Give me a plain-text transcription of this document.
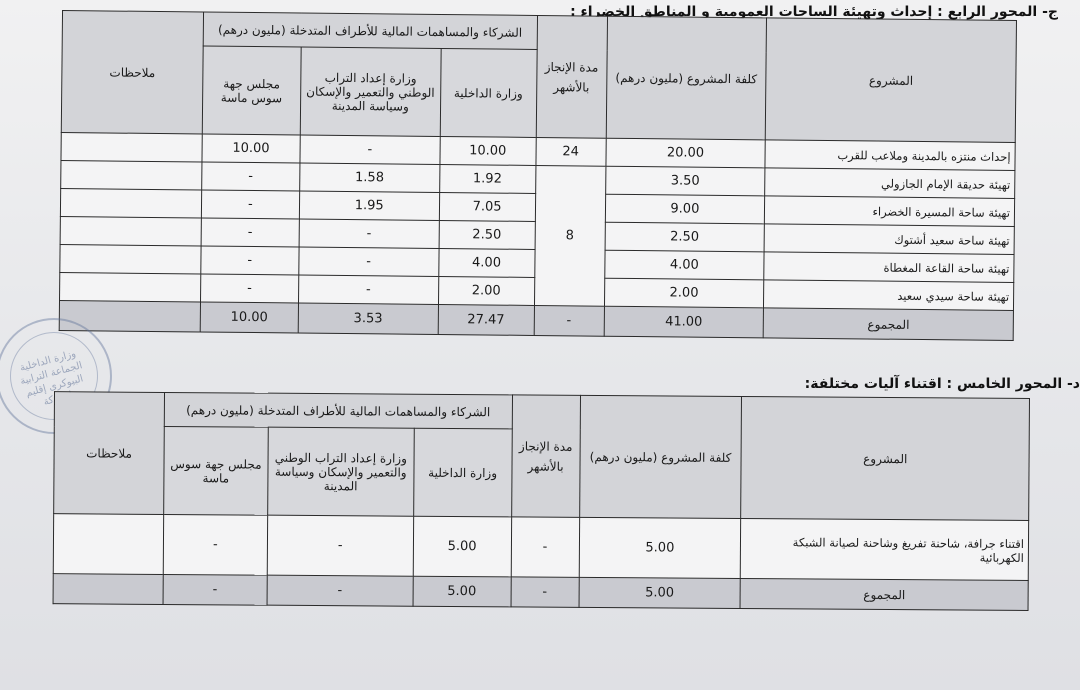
ج- المحور الرابع : إحداث وتهيئة الساحات العمومية و المناطق الخضراء :
المشروع	كلفة المشروع (مليون درهم)	مدة الإنجاز بالأشهر	الشركاء والمساهمات المالية للأطراف المتدخلة (مليون درهم)			ملاحظات
			وزارة الداخلية	وزارة إعداد التراب الوطني والتعمير والإسكان وسياسة المدينة	مجلس جهة سوس ماسة	
إحداث منتزه بالمدينة وملاعب للقرب	20.00	24	10.00	-	10.00	
تهيئة حديقة الإمام الجازولي	3.50	8	1.92	1.58	-	
تهيئة ساحة المسيرة الخضراء	9.00		7.05	1.95	-	
تهيئة ساحة سعيد أشتوك	2.50		2.50	-	-	
تهيئة ساحة القاعة المغطاة	4.00		4.00	-	-	
تهيئة ساحة سيدي سعيد	2.00		2.00	-	-	
المجموع	41.00	-	27.47	3.53	10.00	
وزارة الداخلية الجماعة الترابية البيوكرى إقليم اشتوكة
د- المحور الخامس : اقتناء آليات مختلفة:
المشروع	كلفة المشروع (مليون درهم)	مدة الإنجاز بالأشهر	الشركاء والمساهمات المالية للأطراف المتدخلة (مليون درهم)			ملاحظات
			وزارة الداخلية	وزارة إعداد التراب الوطني والتعمير والإسكان وسياسة المدينة	مجلس جهة سوس ماسة	
اقتناء جرافة، شاحنة تفريغ وشاحنة لصيانة الشبكة الكهربائية	5.00	-	5.00	-	-	
المجموع	5.00	-	5.00	-	-	
